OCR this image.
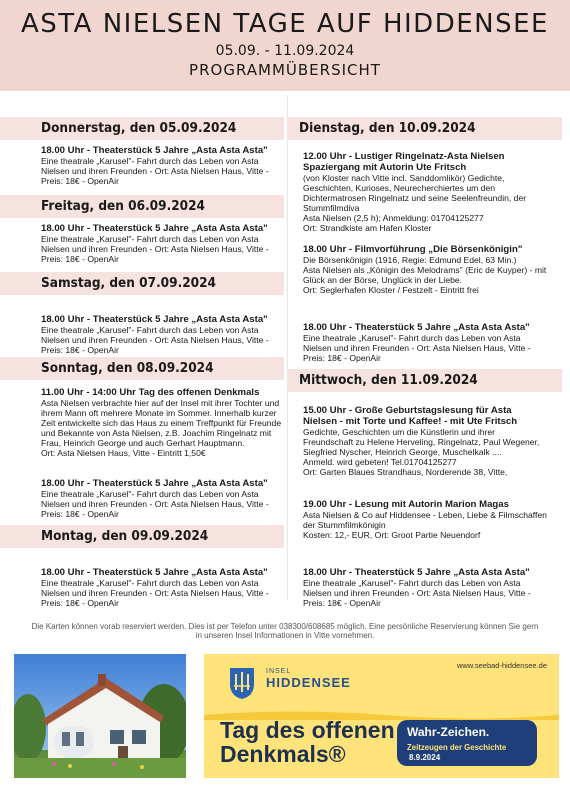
ASTA NIELSEN TAGE AUF HIDDENSEE
05.09. - 11.09.2024
PROGRAMMÜBERSICHT
Donnerstag, den 05.09.2024
18.00 Uhr - Theaterstück 5 Jahre „Asta Asta Asta"
Eine theatrale „Karusel"- Fahrt durch das Leben von Asta Nielsen und ihren Freunden - Ort: Asta Nielsen Haus, Vitte - Preis: 18€ - OpenAir
Freitag, den 06.09.2024
18.00 Uhr - Theaterstück 5 Jahre „Asta Asta Asta"
Eine theatrale „Karusel"- Fahrt durch das Leben von Asta Nielsen und ihren Freunden - Ort: Asta Nielsen Haus, Vitte - Preis: 18€ - OpenAir
Samstag, den 07.09.2024
18.00 Uhr - Theaterstück 5 Jahre „Asta Asta Asta"
Eine theatrale „Karusel"- Fahrt durch das Leben von Asta Nielsen und ihren Freunden - Ort: Asta Nielsen Haus, Vitte - Preis: 18€ - OpenAir
Sonntag, den 08.09.2024
11.00 Uhr - 14:00 Uhr Tag des offenen Denkmals
Asta Nielsen verbrachte hier auf der Insel mit ihrer Tochter und ihrem Mann oft mehrere Monate im Sommer. Innerhalb kurzer Zeit entwickelte sich das Haus zu einem Treffpunkt für Freunde und Bekannte von Asta Nielsen, z.B. Joachim Ringelnatz mit Frau, Heinrich George und auch Gerhart Hauptmann.
Ort: Asta Nielsen Haus, Vitte - Eintritt 1,50€
18.00 Uhr - Theaterstück 5 Jahre „Asta Asta Asta"
Eine theatrale „Karusel"- Fahrt durch das Leben von Asta Nielsen und ihren Freunden - Ort: Asta Nielsen Haus, Vitte - Preis: 18€ - OpenAir
Montag, den 09.09.2024
18.00 Uhr - Theaterstück 5 Jahre „Asta Asta Asta"
Eine theatrale „Karusel"- Fahrt durch das Leben von Asta Nielsen und ihren Freunden - Ort: Asta Nielsen Haus, Vitte - Preis: 18€ - OpenAir
Dienstag, den 10.09.2024
12.00 Uhr - Lustiger Ringelnatz-Asta Nielsen Spaziergang mit Autorin Ute Fritsch
(von Kloster nach Vitte incl. Sanddornlikör) Gedichte, Geschichten, Kurioses, Neurecherchiertes um den Dichtermatrosen Ringelnatz und seine Seelenfreundin, der Stummfilmdiva
Asta Nielsen (2,5 h); Anmeldung: 01704125277
Ort: Strandkiste am Hafen Kloster
18.00 Uhr - Filmvorführung „Die Börsenkönigin"
Die Börsenkönigin (1916, Regie: Edmund Edel, 63 Min.)
Asta Nielsen als „Königin des Melodrams" (Eric de Kuyper) - mit Glück an der Börse, Unglück in der Liebe.
Ort: Seglerhafen Kloster / Festzelt - Eintritt frei
18.00 Uhr - Theaterstück 5 Jahre „Asta Asta Asta"
Eine theatrale „Karusel"- Fahrt durch das Leben von Asta Nielsen und ihren Freunden - Ort: Asta Nielsen Haus, Vitte - Preis: 18€ - OpenAir
Mittwoch, den 11.09.2024
15.00 Uhr - Große Geburtstagslesung für Asta Nielsen - mit Torte und Kaffee! - mit Ute Fritsch
Gedichte, Geschichten um die Künstlerin und ihrer Freundschaft zu Helene Herveling, Ringelnatz, Paul Wegener, Siegfried Nyscher, Heinrich George, Muschelkalk ....
Anmeld. wird gebeten! Tel.01704125277
Ort: Garten Blaues Strandhaus, Norderende 38, Vitte,
19.00 Uhr - Lesung mit Autorin Marion Magas
Asta Nielsen & Co auf Hiddensee - Leben, Liebe & Filmschaffen der Stummfilmkönigin
Kosten: 12,- EUR, Ort: Groot Partie Neuendorf
18.00 Uhr - Theaterstück 5 Jahre „Asta Asta Asta"
Eine theatrale „Karusel"- Fahrt durch das Leben von Asta Nielsen und ihren Freunden - Ort: Asta Nielsen Haus, Vitte - Preis: 18€ - OpenAir
Die Karten können vorab reserviert werden. Dies ist per Telefon unter 038300/608685 möglich. Eine persönliche Reservierung können Sie gern in unseren Insel Informationen in Vitte vornehmen.
www.seebad-hiddensee.de
INSEL
HIDDENSEE
Tag des offenen
Denkmals®
Wahr-Zeichen.
Zeitzeugen der Geschichte
8.9.2024
